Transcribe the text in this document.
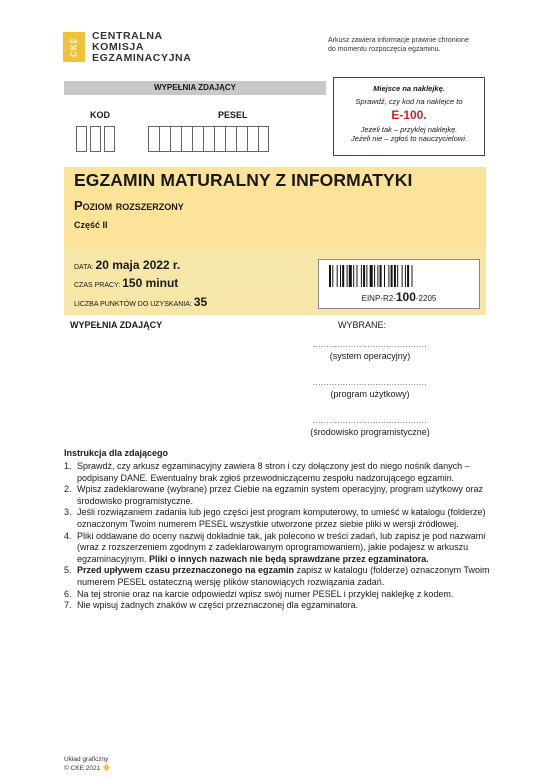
CKE
CENTRALNA
KOMISJA
EGZAMINACYJNA
Arkusz zawiera informacje prawnie chronione
do momentu rozpoczęcia egzaminu.
WYPEŁNIA ZDAJĄCY
KOD	PESEL
Miejsce na naklejkę.
Sprawdź, czy kod na naklejce to
E-100.
Jeżeli tak – przyklej naklejkę.
Jeżeli nie – zgłoś to nauczycielowi.
EGZAMIN MATURALNY Z INFORMATYKI
Poziom rozszerzony
Część II
DATA: 20 maja 2022 r.
CZAS PRACY: 150 minut
LICZBA PUNKTÓW DO UZYSKANIA: 35	EINP-R2-100-2205
WYPEŁNIA ZDAJĄCY	WYBRANE:
..........................................
(system operacyjny)
..........................................
(program użytkowy)
..........................................
(środowisko programistyczne)
Instrukcja dla zdającego
1. Sprawdź, czy arkusz egzaminacyjny zawiera 8 stron i czy dołączony jest do niego nośnik danych – podpisany DANE. Ewentualny brak zgłoś przewodniczącemu zespołu nadzorującego egzamin.
2. Wpisz zadeklarowane (wybrane) przez Ciebie na egzamin system operacyjny, program użytkowy oraz środowisko programistyczne.
3. Jeśli rozwiązaniem zadania lub jego części jest program komputerowy, to umieść w katalogu (folderze) oznaczonym Twoim numerem PESEL wszystkie utworzone przez siebie pliki w wersji źródłowej.
4. Pliki oddawane do oceny nazwij dokładnie tak, jak polecono w treści zadań, lub zapisz je pod nazwami (wraz z rozszerzeniem zgodnym z zadeklarowanym oprogramowaniem), jakie podajesz w arkuszu egzaminacyjnym. Pliki o innych nazwach nie będą sprawdzane przez egzaminatora.
5. Przed upływem czasu przeznaczonego na egzamin zapisz w katalogu (folderze) oznaczonym Twoim numerem PESEL ostateczną wersję plików stanowiących rozwiązania zadań.
6. Na tej stronie oraz na karcie odpowiedzi wpisz swój numer PESEL i przyklej naklejkę z kodem.
7. Nie wpisuj żadnych znaków w części przeznaczonej dla egzaminatora.
Układ graficzny
© CKE 2021
